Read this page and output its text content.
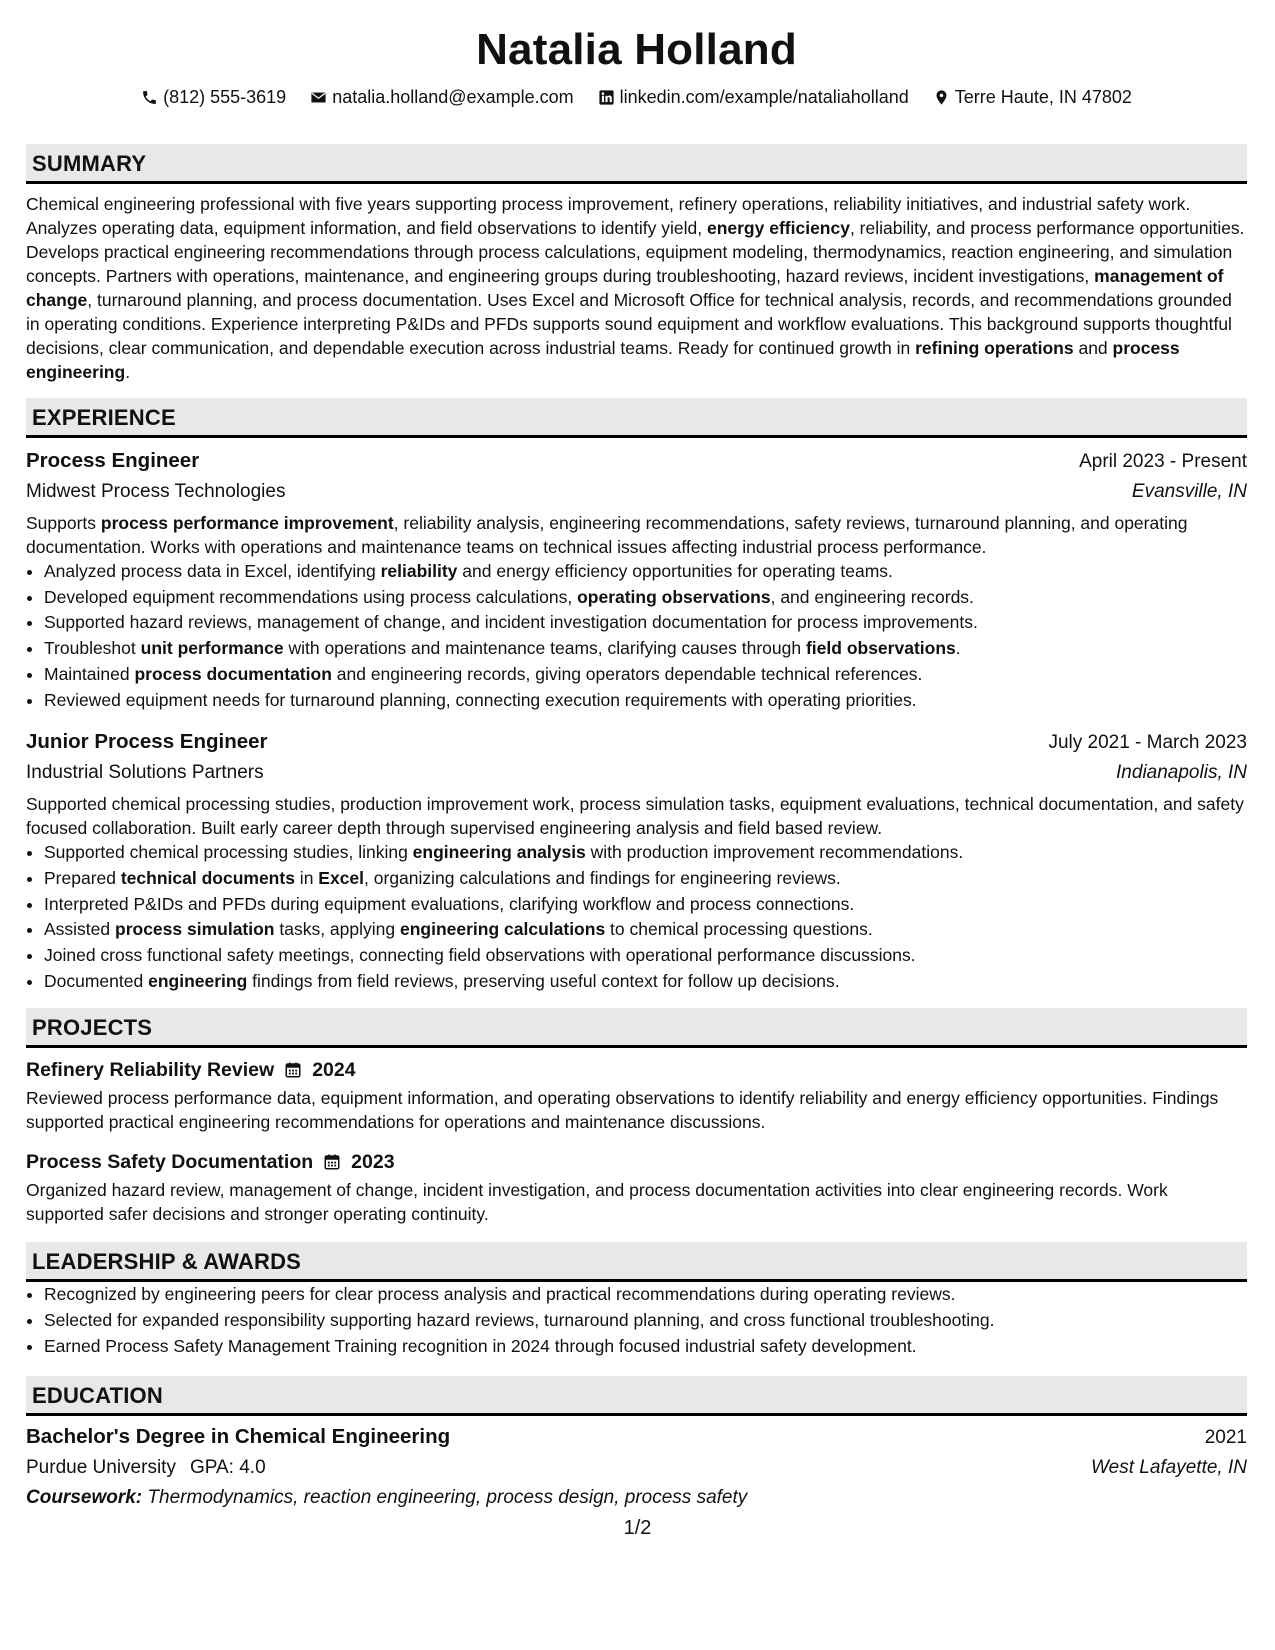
Natalia Holland
(812) 555-3619	natalia.holland@example.com	linkedin.com/example/nataliaholland	Terre Haute, IN 47802
SUMMARY

Chemical engineering professional with five years supporting process improvement, refinery operations, reliability initiatives, and industrial safety work. Analyzes operating data, equipment information, and field observations to identify yield, energy efficiency, reliability, and process performance opportunities. Develops practical engineering recommendations through process calculations, equipment modeling, thermodynamics, reaction engineering, and simulation concepts. Partners with operations, maintenance, and engineering groups during troubleshooting, hazard reviews, incident investigations, management of change, turnaround planning, and process documentation. Uses Excel and Microsoft Office for technical analysis, records, and recommendations grounded in operating conditions. Experience interpreting P&IDs and PFDs supports sound equipment and workflow evaluations. This background supports thoughtful decisions, clear communication, and dependable execution across industrial teams. Ready for continued growth in refining operations and process engineering.

EXPERIENCE
Process Engineer	April 2023 - Present
Midwest Process Technologies	Evansville, IN

Supports process performance improvement, reliability analysis, engineering recommendations, safety reviews, turnaround planning, and operating documentation. Works with operations and maintenance teams on technical issues affecting industrial process performance.

• Analyzed process data in Excel, identifying reliability and energy efficiency opportunities for operating teams.
• Developed equipment recommendations using process calculations, operating observations, and engineering records.
• Supported hazard reviews, management of change, and incident investigation documentation for process improvements.
• Troubleshot unit performance with operations and maintenance teams, clarifying causes through field observations.
• Maintained process documentation and engineering records, giving operators dependable technical references.
• Reviewed equipment needs for turnaround planning, connecting execution requirements with operating priorities.
Junior Process Engineer	July 2021 - March 2023
Industrial Solutions Partners	Indianapolis, IN

Supported chemical processing studies, production improvement work, process simulation tasks, equipment evaluations, technical documentation, and safety focused collaboration. Built early career depth through supervised engineering analysis and field based review.

• Supported chemical processing studies, linking engineering analysis with production improvement recommendations.
• Prepared technical documents in Excel, organizing calculations and findings for engineering reviews.
• Interpreted P&IDs and PFDs during equipment evaluations, clarifying workflow and process connections.
• Assisted process simulation tasks, applying engineering calculations to chemical processing questions.
• Joined cross functional safety meetings, connecting field observations with operational performance discussions.
• Documented engineering findings from field reviews, preserving useful context for follow up decisions.
PROJECTS
Refinery Reliability Review 2024

Reviewed process performance data, equipment information, and operating observations to identify reliability and energy efficiency opportunities. Findings supported practical engineering recommendations for operations and maintenance discussions.

Process Safety Documentation 2023

Organized hazard review, management of change, incident investigation, and process documentation activities into clear engineering records. Work supported safer decisions and stronger operating continuity.

LEADERSHIP & AWARDS
• Recognized by engineering peers for clear process analysis and practical recommendations during operating reviews.
• Selected for expanded responsibility supporting hazard reviews, turnaround planning, and cross functional troubleshooting.
• Earned Process Safety Management Training recognition in 2024 through focused industrial safety development.
EDUCATION
Bachelor's Degree in Chemical Engineering	2021
Purdue University GPA: 4.0	West Lafayette, IN
Coursework: Thermodynamics, reaction engineering, process design, process safety
1/2
